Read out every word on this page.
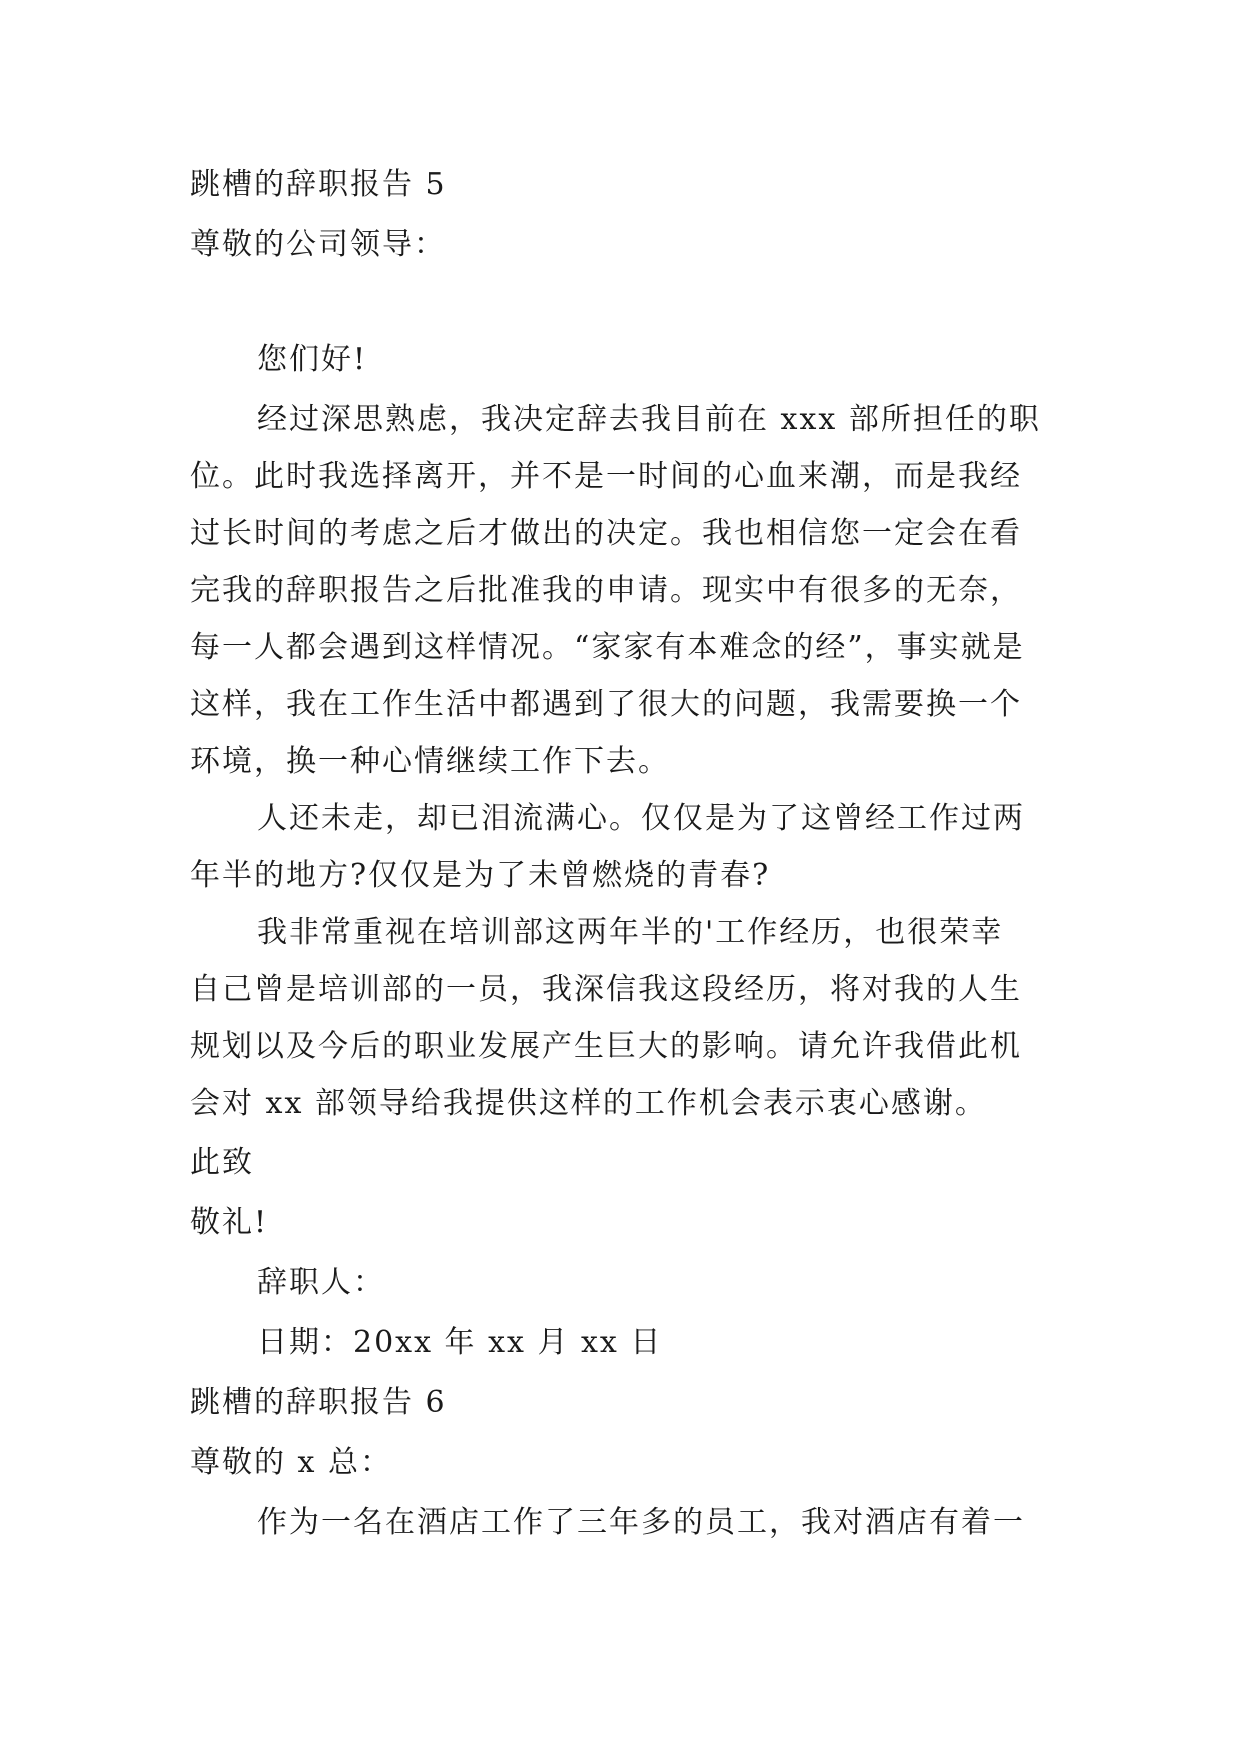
跳槽的辞职报告 5
尊敬的公司领导：
您们好!
经过深思熟虑，我决定辞去我目前在 xxx 部所担任的职
位。此时我选择离开，并不是一时间的心血来潮，而是我经
过长时间的考虑之后才做出的决定。我也相信您一定会在看
完我的辞职报告之后批准我的申请。现实中有很多的无奈，
每一人都会遇到这样情况。“家家有本难念的经”，事实就是
这样，我在工作生活中都遇到了很大的问题，我需要换一个
环境，换一种心情继续工作下去。
人还未走，却已泪流满心。仅仅是为了这曾经工作过两
年半的地方?仅仅是为了未曾燃烧的青春?
我非常重视在培训部这两年半的'工作经历，也很荣幸
自己曾是培训部的一员，我深信我这段经历，将对我的人生
规划以及今后的职业发展产生巨大的影响。请允许我借此机
会对 xx 部领导给我提供这样的工作机会表示衷心感谢。
此致
敬礼!
辞职人：
日期：20xx 年 xx 月 xx 日
跳槽的辞职报告 6
尊敬的 x 总：
作为一名在酒店工作了三年多的员工，我对酒店有着一
